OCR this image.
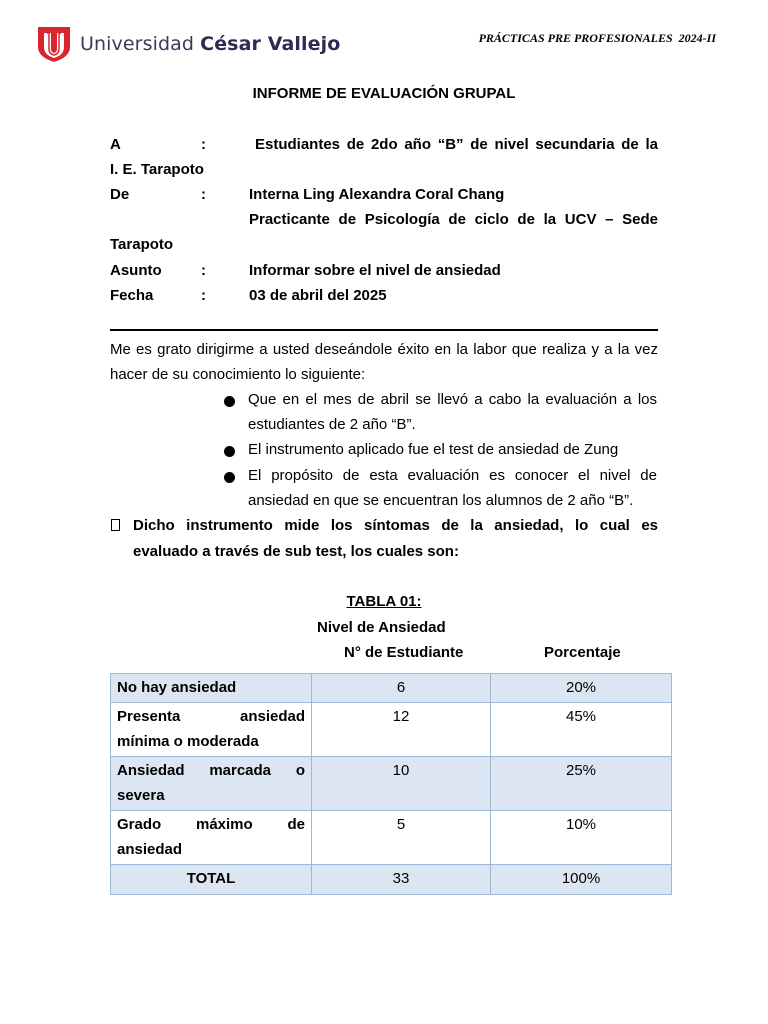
Universidad César Vallejo	PRÁCTICAS PRE PROFESIONALES  2024-II
INFORME DE EVALUACIÓN GRUPAL
A	:	Estudiantes de 2do año “B” de nivel secundaria de la
I. E. Tarapoto
De	:	Interna Ling Alexandra Coral Chang
Practicante de Psicología de ciclo de la UCV – Sede
Tarapoto
Asunto	:	Informar sobre el nivel de ansiedad
Fecha	:	03 de abril del 2025
Me es grato dirigirme a usted deseándole éxito en la labor que realiza y a la vez
hacer de su conocimiento lo siguiente:
Que en el mes de abril se llevó a cabo la evaluación a los
estudiantes de 2 año “B”.
El instrumento aplicado fue el test de ansiedad de Zung
El propósito de esta evaluación es conocer el nivel de
ansiedad en que se encuentran los alumnos de 2 año “B”.
Dicho instrumento mide los síntomas de la ansiedad, lo cual es
evaluado a través de sub test, los cuales son:
TABLA 01:
Nivel de Ansiedad
N° de Estudiante	Porcentaje
No hay ansiedad	6	20%

Presenta ansiedad
mínima o moderada	12	45%

Ansiedad marcada o
severa	10	25%

Grado máximo de
ansiedad	5	10%
TOTAL	33	100%
